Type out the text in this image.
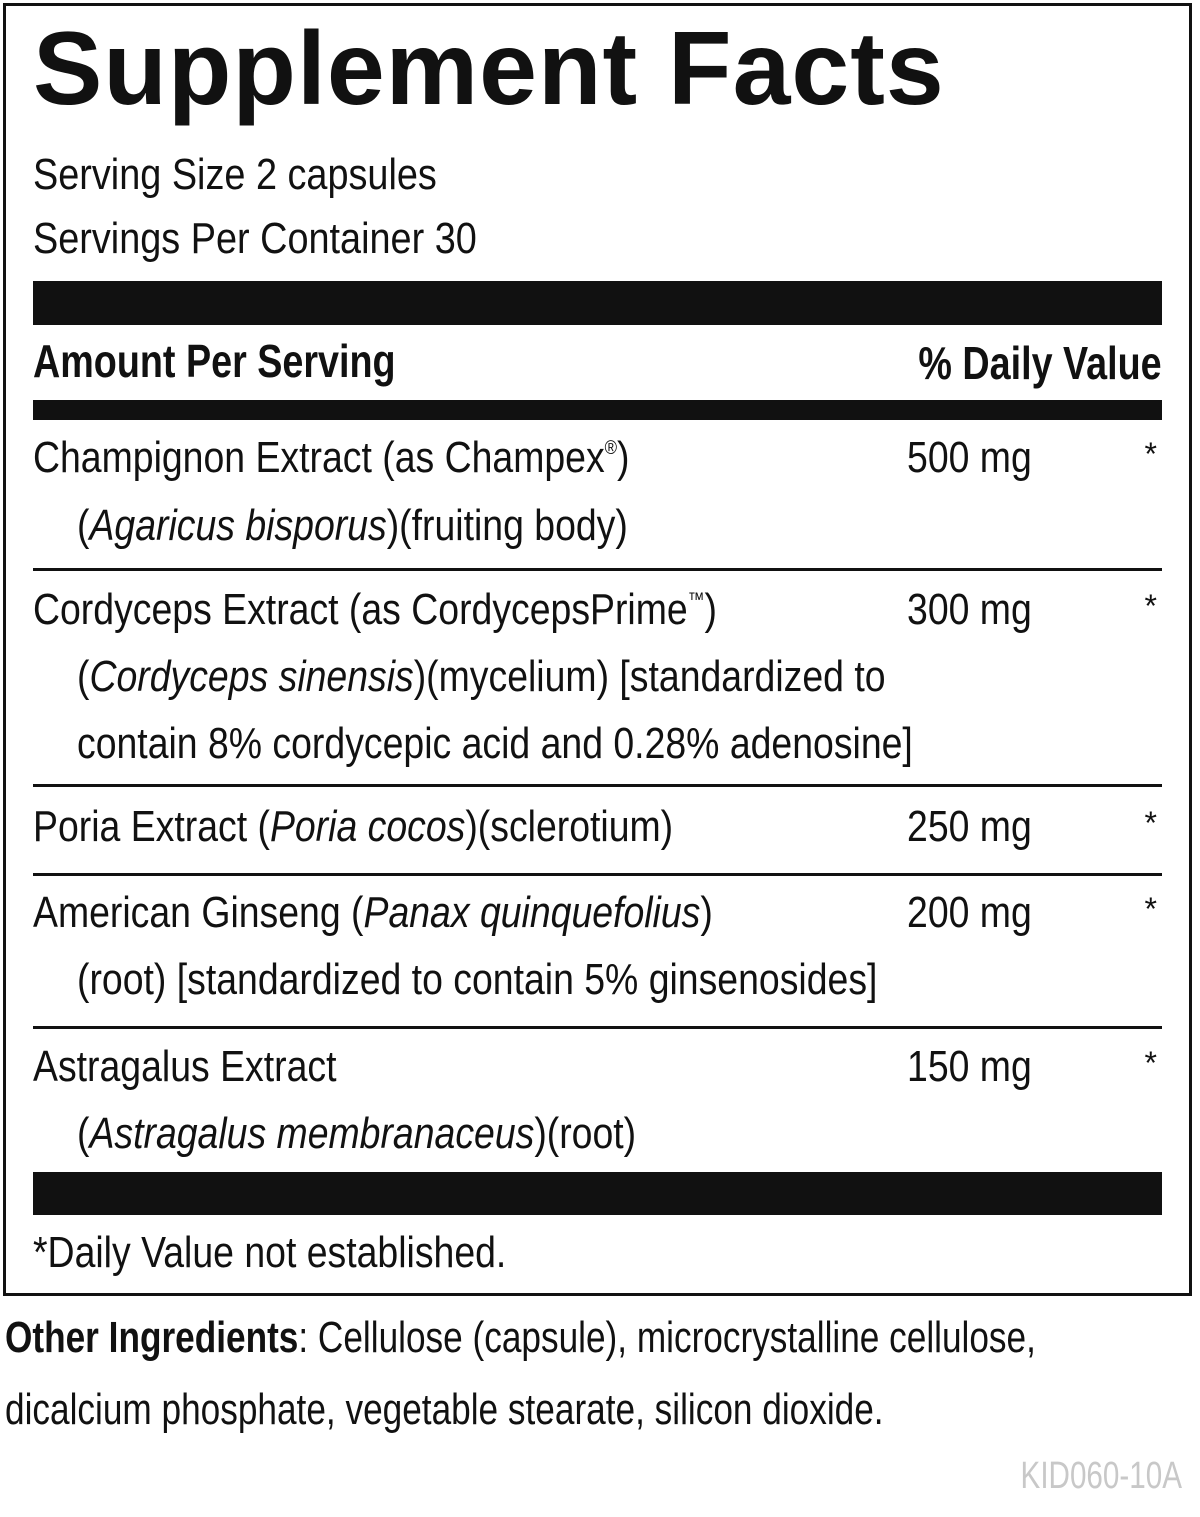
Supplement Facts
Serving Size 2 capsules
Servings Per Container 30
Amount Per Serving	% Daily Value
Champignon Extract (as Champex®)
(Agaricus bisporus)(fruiting body)
500 mg	*
Cordyceps Extract (as CordycepsPrime™)
(Cordyceps sinensis)(mycelium) [standardized to
contain 8% cordycepic acid and 0.28% adenosine]
300 mg	*
Poria Extract (Poria cocos)(sclerotium)	250 mg	*
American Ginseng (Panax quinquefolius)
(root) [standardized to contain 5% ginsenosides]
200 mg	*
Astragalus Extract
(Astragalus membranaceus)(root)
150 mg	*
*Daily Value not established.
Other Ingredients: Cellulose (capsule), microcrystalline cellulose,
dicalcium phosphate, vegetable stearate, silicon dioxide.
KID060-10A
